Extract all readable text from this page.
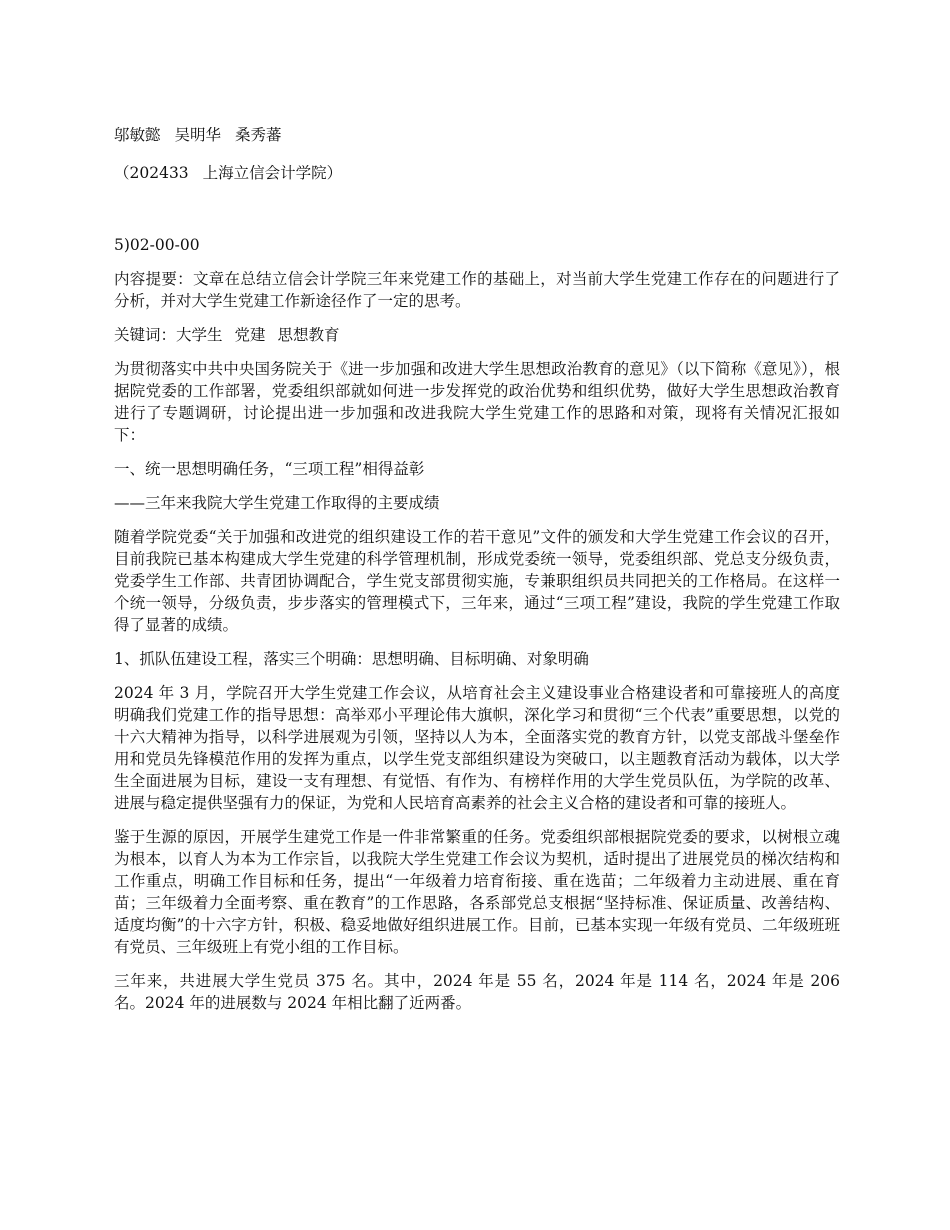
邬敏懿 吴明华 桑秀蕃

（202433 上海立信会计学院）

5)02-00-00

内容提要：文章在总结立信会计学院三年来党建工作的基础上，对当前大学生党建工作存在的问题进行了分析，并对大学生党建工作新途径作了一定的思考。

关键词：大学生 党建 思想教育

为贯彻落实中共中央国务院关于《进一步加强和改进大学生思想政治教育的意见》（以下简称《意见》），根据院党委的工作部署，党委组织部就如何进一步发挥党的政治优势和组织优势，做好大学生思想政治教育进行了专题调研，讨论提出进一步加强和改进我院大学生党建工作的思路和对策，现将有关情况汇报如下：

一、统一思想明确任务，“三项工程”相得益彰

——三年来我院大学生党建工作取得的主要成绩

随着学院党委“关于加强和改进党的组织建设工作的若干意见”文件的颁发和大学生党建工作会议的召开，目前我院已基本构建成大学生党建的科学管理机制，形成党委统一领导，党委组织部、党总支分级负责，党委学生工作部、共青团协调配合，学生党支部贯彻实施，专兼职组织员共同把关的工作格局。在这样一个统一领导，分级负责，步步落实的管理模式下，三年来，通过“三项工程”建设，我院的学生党建工作取得了显著的成绩。

1、抓队伍建设工程，落实三个明确：思想明确、目标明确、对象明确

2024 年 3 月，学院召开大学生党建工作会议，从培育社会主义建设事业合格建设者和可靠接班人的高度明确我们党建工作的指导思想：高举邓小平理论伟大旗帜，深化学习和贯彻“三个代表”重要思想，以党的十六大精神为指导，以科学进展观为引领，坚持以人为本，全面落实党的教育方针，以党支部战斗堡垒作用和党员先锋模范作用的发挥为重点，以学生党支部组织建设为突破口，以主题教育活动为载体，以大学生全面进展为目标，建设一支有理想、有觉悟、有作为、有榜样作用的大学生党员队伍，为学院的改革、进展与稳定提供坚强有力的保证，为党和人民培育高素养的社会主义合格的建设者和可靠的接班人。

鉴于生源的原因，开展学生建党工作是一件非常繁重的任务。党委组织部根据院党委的要求，以树根立魂为根本，以育人为本为工作宗旨，以我院大学生党建工作会议为契机，适时提出了进展党员的梯次结构和工作重点，明确工作目标和任务，提出“一年级着力培育衔接、重在选苗；二年级着力主动进展、重在育苗；三年级着力全面考察、重在教育”的工作思路，各系部党总支根据“坚持标准、保证质量、改善结构、适度均衡”的十六字方针，积极、稳妥地做好组织进展工作。目前，已基本实现一年级有党员、二年级班班有党员、三年级班上有党小组的工作目标。

三年来，共进展大学生党员 375 名。其中，2024 年是 55 名，2024 年是 114 名，2024 年是 206 名。2024 年的进展数与 2024 年相比翻了近两番。
